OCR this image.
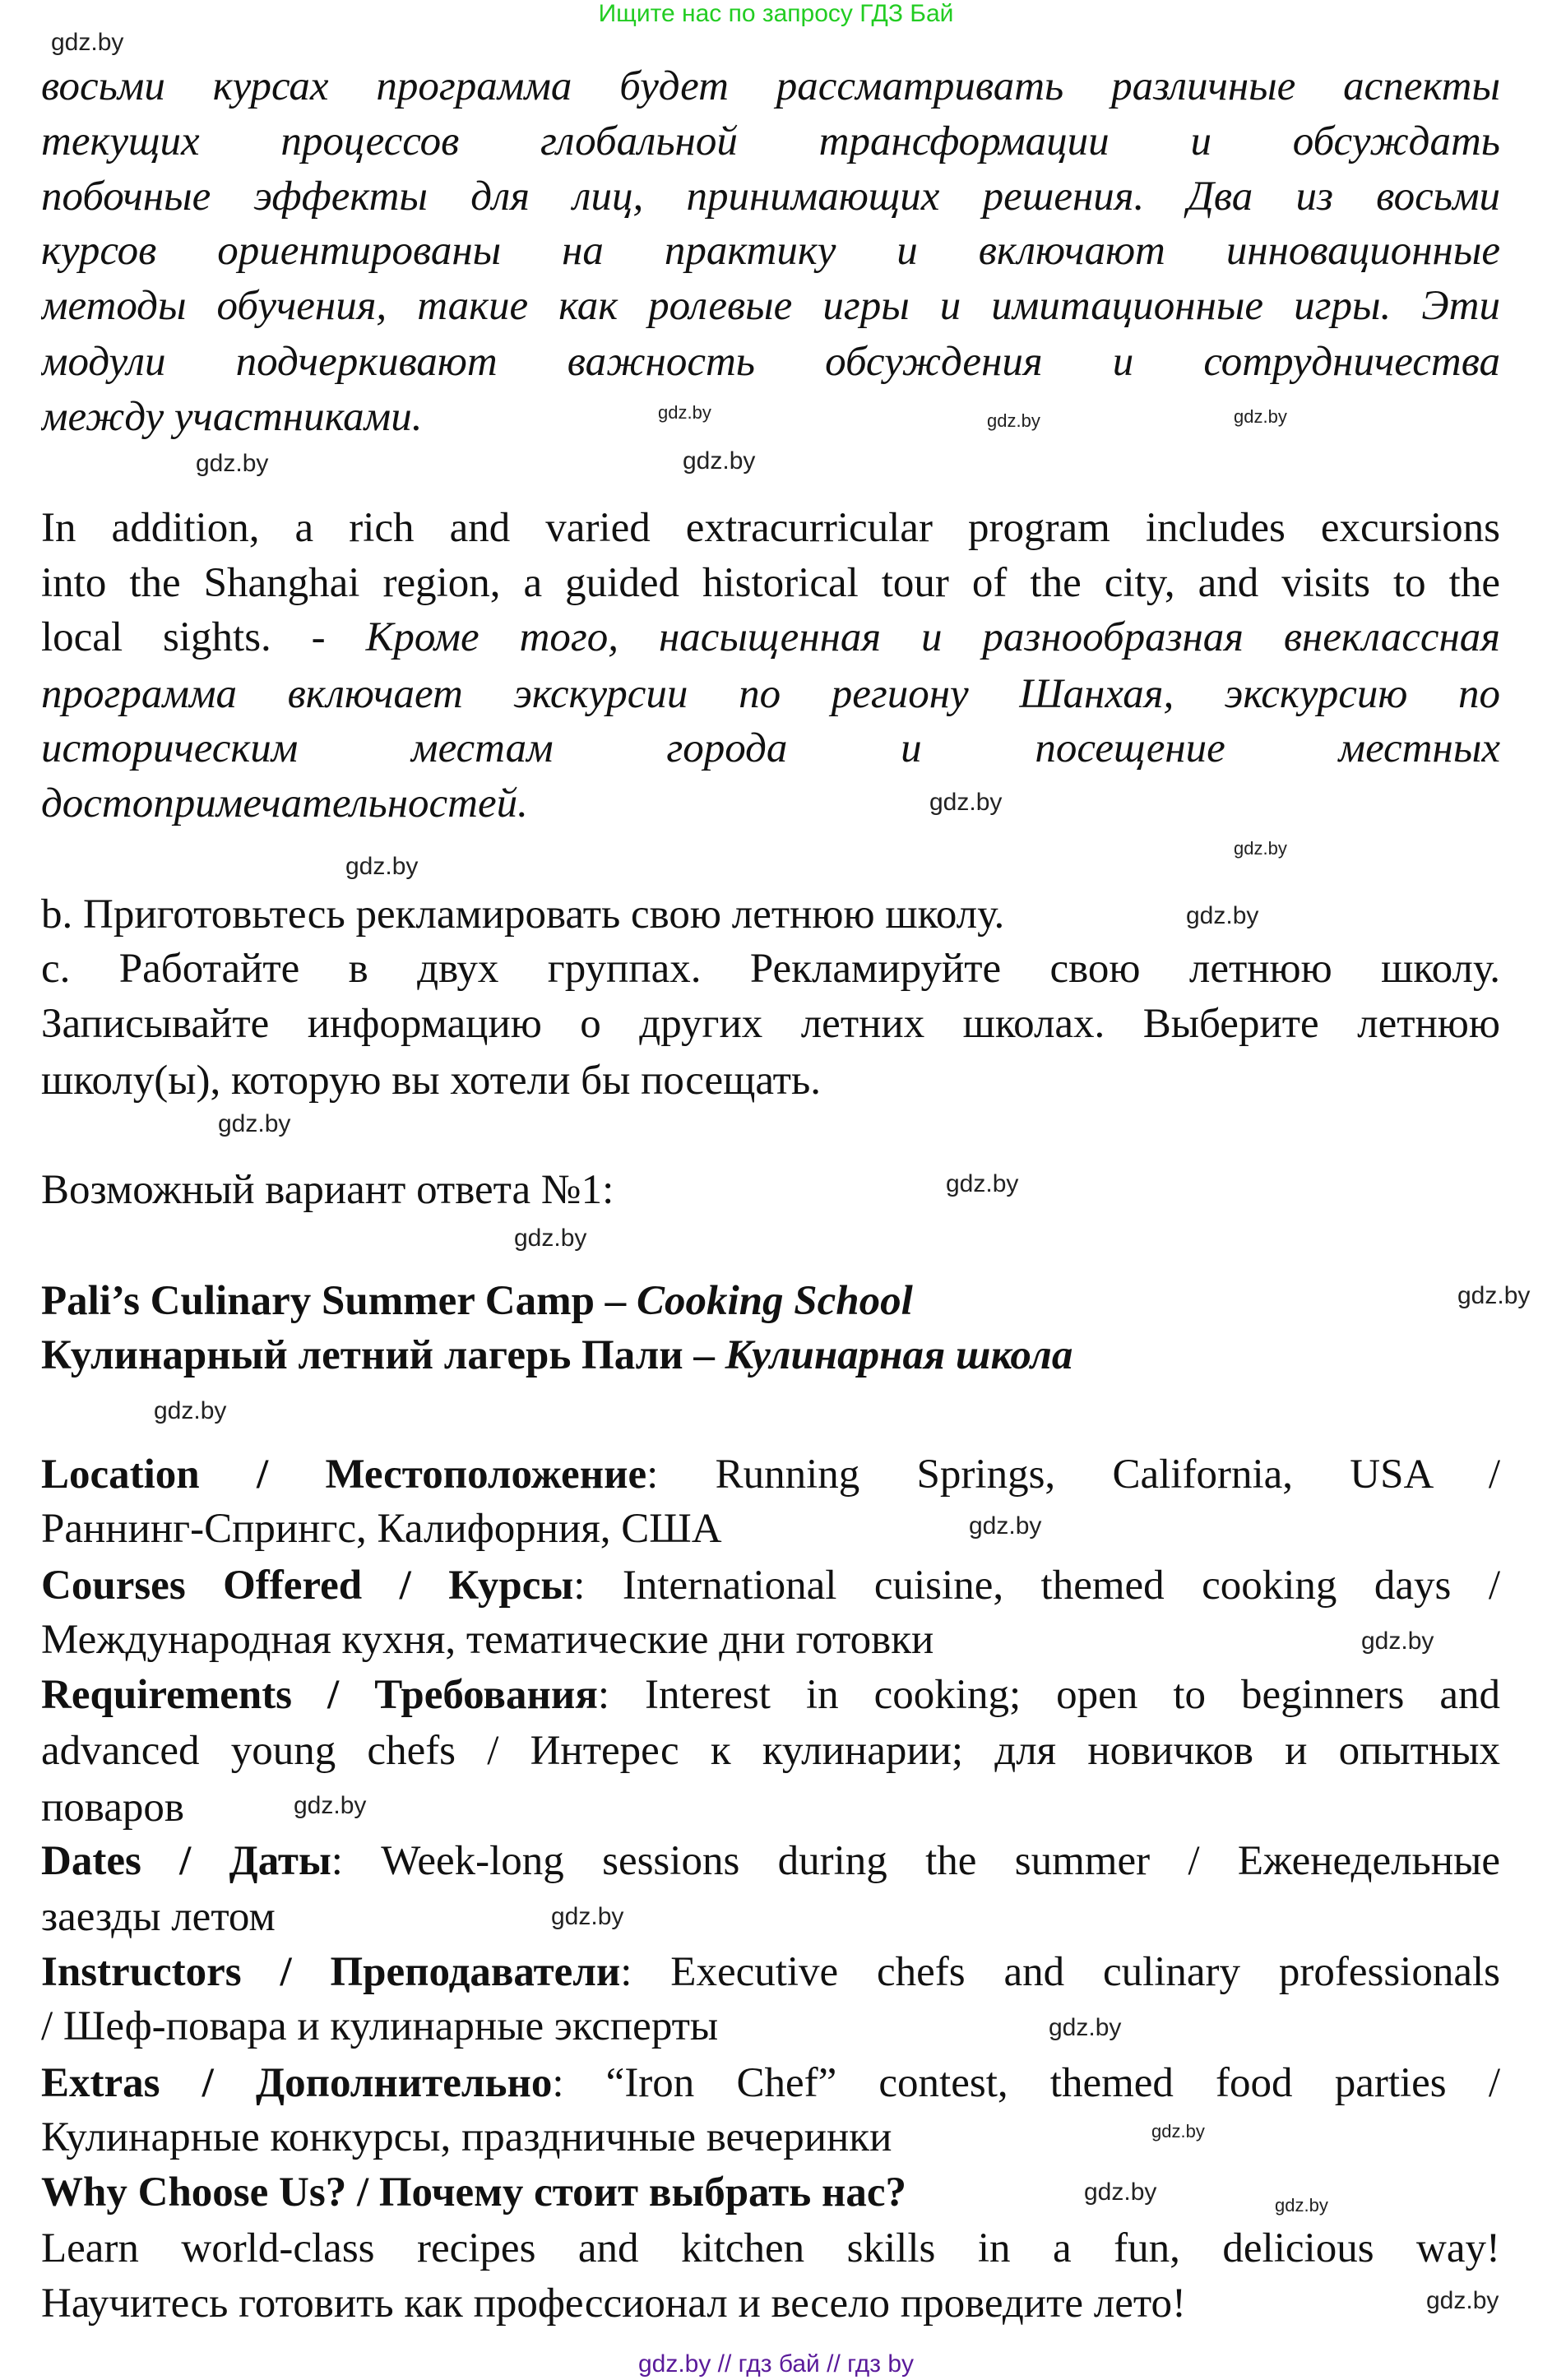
Ищите нас по запросу ГДЗ Бай
восьми курсах программа будет рассматривать различные аспекты
текущих процессов глобальной трансформации и обсуждать
побочные эффекты для лиц, принимающих решения. Два из восьми
курсов ориентированы на практику и включают инновационные
методы обучения, такие как ролевые игры и имитационные игры. Эти
модули подчеркивают важность обсуждения и сотрудничества
между участниками.
In addition, a rich and varied extracurricular program includes excursions
into the Shanghai region, a guided historical tour of the city, and visits to the
local sights. - Кроме того, насыщенная и разнообразная внеклассная
программа включает экскурсии по региону Шанхая, экскурсию по
историческим местам города и посещение местных
достопримечательностей.
b. Приготовьтесь рекламировать свою летнюю школу.
c. Работайте в двух группах. Рекламируйте свою летнюю школу.
Записывайте информацию о других летних школах. Выберите летнюю
школу(ы), которую вы хотели бы посещать.
Возможный вариант ответа №1:
Pali’s Culinary Summer Camp – Cooking School
Кулинарный летний лагерь Пали – Кулинарная школа
Location / Местоположение: Running Springs, California, USA /
Раннинг-Спрингс, Калифорния, США
Courses Offered / Курсы: International cuisine, themed cooking days /
Международная кухня, тематические дни готовки
Requirements / Требования: Interest in cooking; open to beginners and
advanced young chefs / Интерес к кулинарии; для новичков и опытных
поваров
Dates / Даты: Week-long sessions during the summer / Еженедельные
заезды летом
Instructors / Преподаватели: Executive chefs and culinary professionals
/ Шеф-повара и кулинарные эксперты
Extras / Дополнительно: “Iron Chef” contest, themed food parties /
Кулинарные конкурсы, праздничные вечеринки
Why Choose Us? / Почему стоит выбрать нас?
Learn world-class recipes and kitchen skills in a fun, delicious way!
Научитесь готовить как профессионал и весело проведите лето!
gdz.by
gdz.by	gdz.by
gdz.by
gdz.by
gdz.by
gdz.by
gdz.by
gdz.by
gdz.by
gdz.by
gdz.by
gdz.by
gdz.by
gdz.by
gdz.by
gdz.by
gdz.by
gdz.by
gdz.by
gdz.by
gdz.by	gdz.by
gdz.by
gdz.by // гдз бай // гдз by
